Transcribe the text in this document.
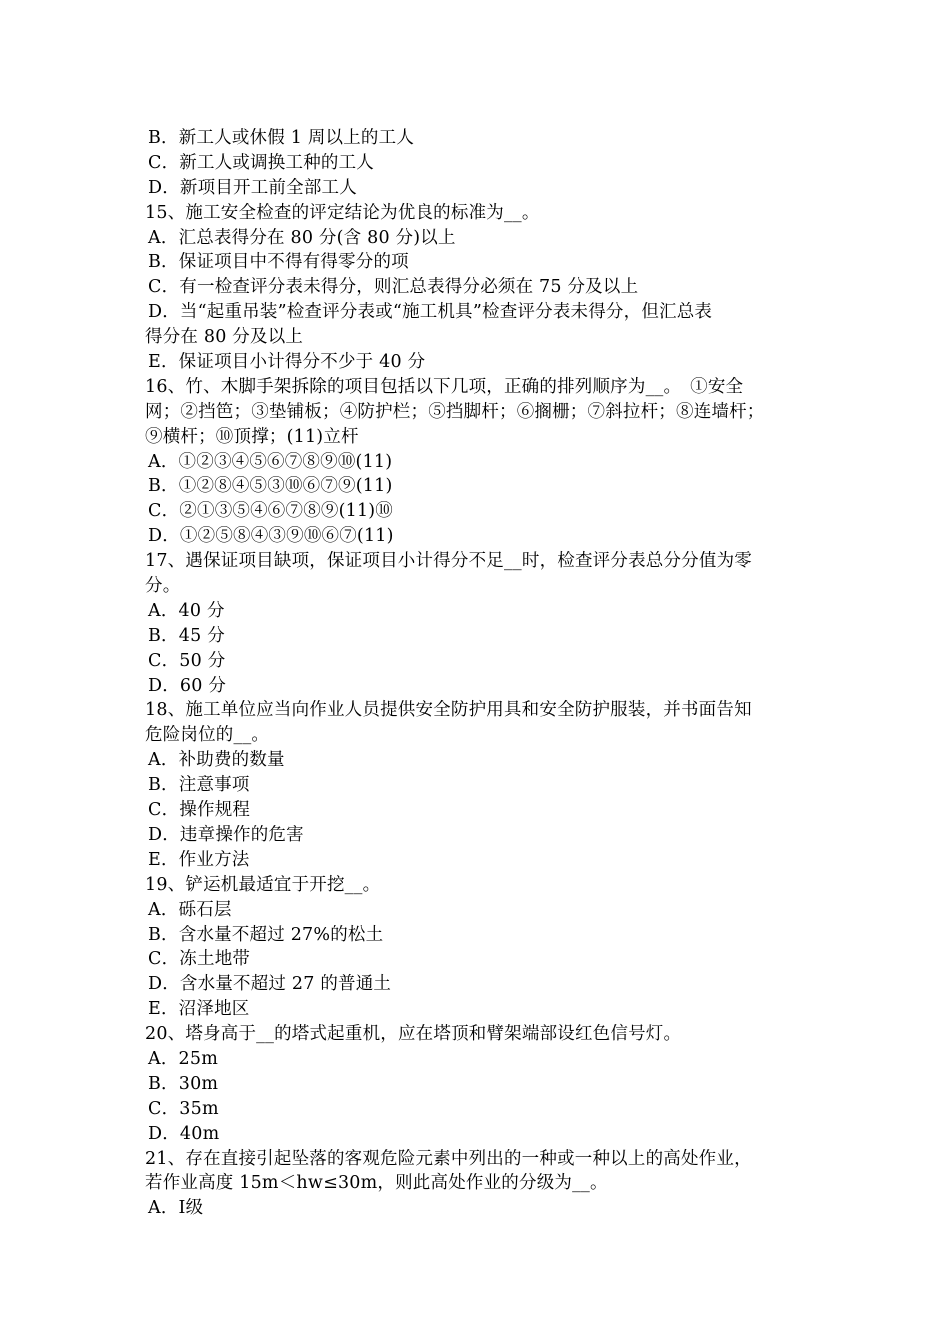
B．新工人或休假 1 周以上的工人
C．新工人或调换工种的工人
D．新项目开工前全部工人
15、施工安全检查的评定结论为优良的标准为__。
A．汇总表得分在 80 分(含 80 分)以上
B．保证项目中不得有得零分的项
C．有一检查评分表未得分，则汇总表得分必须在 75 分及以上
D．当“起重吊装”检查评分表或“施工机具”检查评分表未得分，但汇总表
得分在 80 分及以上
E．保证项目小计得分不少于 40 分
16、竹、木脚手架拆除的项目包括以下几项，正确的排列顺序为__。　①安全
网；②挡笆；③垫铺板；④防护栏；⑤挡脚杆；⑥搁栅；⑦斜拉杆；⑧连墙杆；
⑨横杆；⑩顶撑；(11)立杆
A．①②③④⑤⑥⑦⑧⑨⑩(11)
B．①②⑧④⑤③⑩⑥⑦⑨(11)
C．②①③⑤④⑥⑦⑧⑨(11)⑩
D．①②⑤⑧④③⑨⑩⑥⑦(11)
17、遇保证项目缺项，保证项目小计得分不足__时，检查评分表总分分值为零
分。
A．40 分
B．45 分
C．50 分
D．60 分
18、施工单位应当向作业人员提供安全防护用具和安全防护服装，并书面告知
危险岗位的__。
A．补助费的数量
B．注意事项
C．操作规程
D．违章操作的危害
E．作业方法
19、铲运机最适宜于开挖__。
A．砾石层
B．含水量不超过 27%的松土
C．冻土地带
D．含水量不超过 27 的普通土
E．沼泽地区
20、塔身高于__的塔式起重机，应在塔顶和臂架端部设红色信号灯。
A．25m
B．30m
C．35m
D．40m
21、存在直接引起坠落的客观危险元素中列出的一种或一种以上的高处作业，
若作业高度 15m＜hw≤30m，则此高处作业的分级为__。
A．Ⅰ级
